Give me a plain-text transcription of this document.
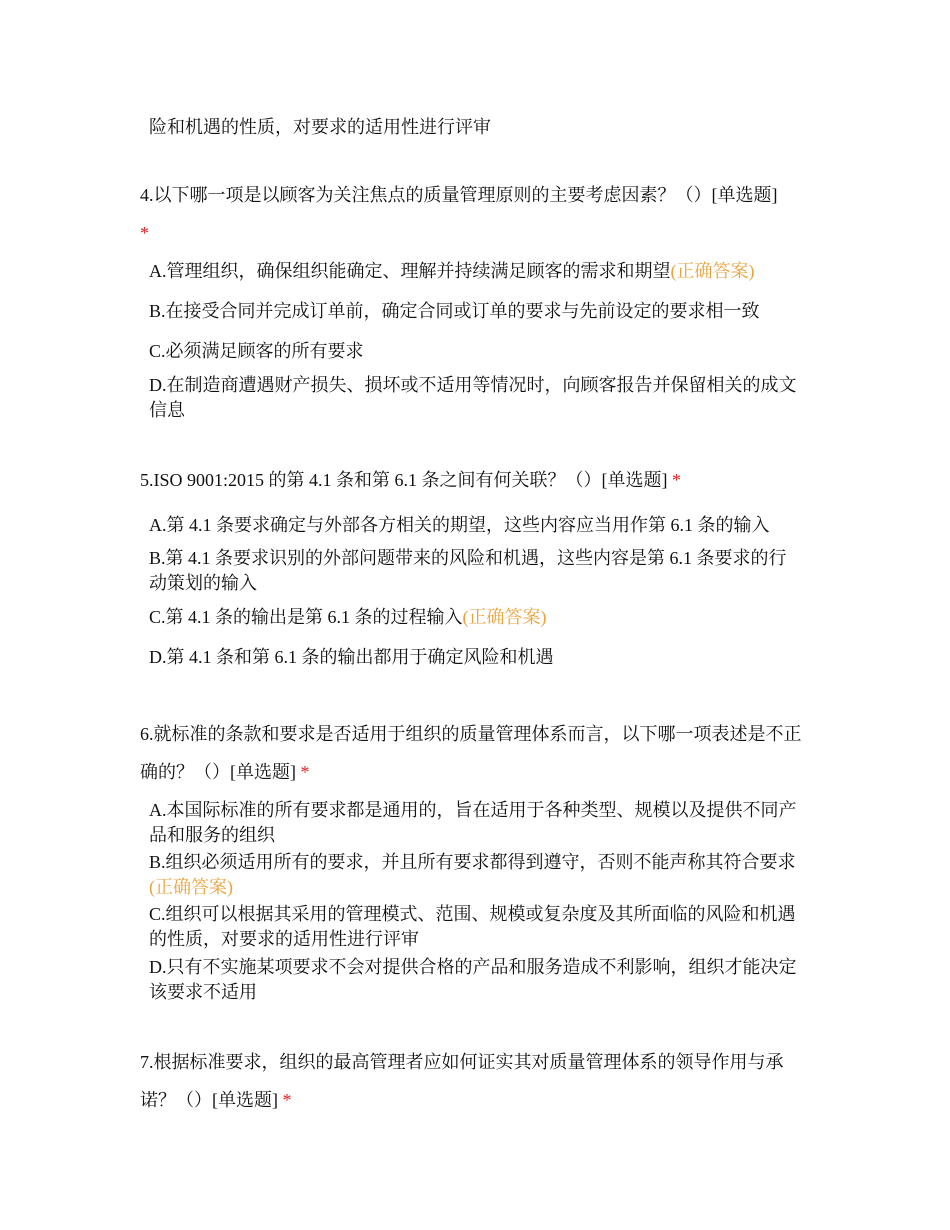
险和机遇的性质，对要求的适用性进行评审
4.以下哪一项是以顾客为关注焦点的质量管理原则的主要考虑因素？（）[单选题]
*
A.管理组织，确保组织能确定、理解并持续满足顾客的需求和期望(正确答案)
B.在接受合同并完成订单前，确定合同或订单的要求与先前设定的要求相一致
C.必须满足顾客的所有要求
D.在制造商遭遇财产损失、损坏或不适用等情况时，向顾客报告并保留相关的成文信息
5.ISO 9001:2015 的第 4.1 条和第 6.1 条之间有何关联？（）[单选题] *
A.第 4.1 条要求确定与外部各方相关的期望，这些内容应当用作第 6.1 条的输入
B.第 4.1 条要求识别的外部问题带来的风险和机遇，这些内容是第 6.1 条要求的行动策划的输入
C.第 4.1 条的输出是第 6.1 条的过程输入(正确答案)
D.第 4.1 条和第 6.1 条的输出都用于确定风险和机遇
6.就标准的条款和要求是否适用于组织的质量管理体系而言，以下哪一项表述是不正确的？（）[单选题] *
A.本国际标准的所有要求都是通用的，旨在适用于各种类型、规模以及提供不同产品和服务的组织
B.组织必须适用所有的要求，并且所有要求都得到遵守，否则不能声称其符合要求(正确答案)
C.组织可以根据其采用的管理模式、范围、规模或复杂度及其所面临的风险和机遇的性质，对要求的适用性进行评审
D.只有不实施某项要求不会对提供合格的产品和服务造成不利影响，组织才能决定该要求不适用
7.根据标准要求，组织的最高管理者应如何证实其对质量管理体系的领导作用与承诺？（）[单选题] *
